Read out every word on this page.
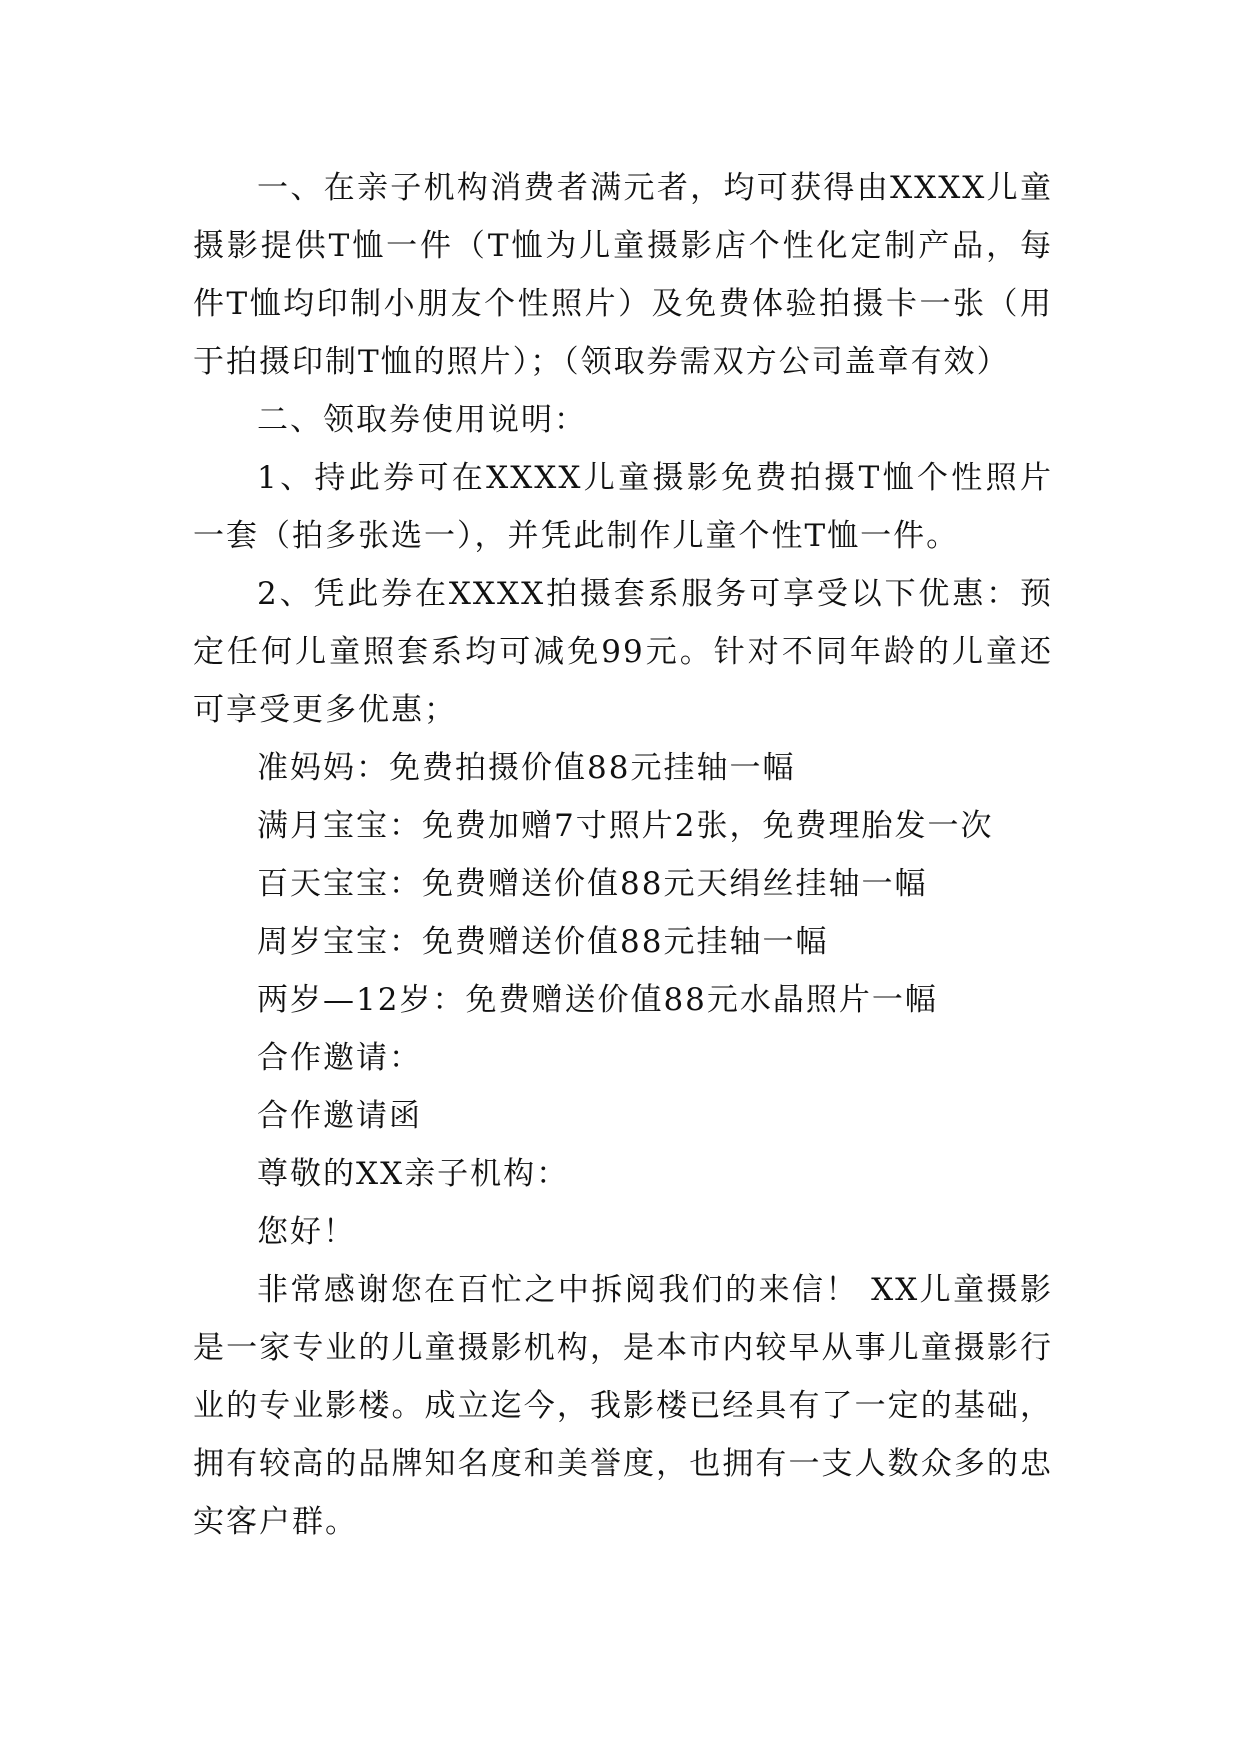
一、在亲子机构消费者满元者，均可获得由XXXX儿童摄影提供T恤一件（T恤为儿童摄影店个性化定制产品，每件T恤均印制小朋友个性照片）及免费体验拍摄卡一张（用于拍摄印制T恤的照片）；（领取券需双方公司盖章有效）

二、领取券使用说明：

1、持此券可在XXXX儿童摄影免费拍摄T恤个性照片一套（拍多张选一），并凭此制作儿童个性T恤一件。

2、凭此券在XXXX拍摄套系服务可享受以下优惠：预定任何儿童照套系均可减免99元。针对不同年龄的儿童还可享受更多优惠；

准妈妈：免费拍摄价值88元挂轴一幅

满月宝宝：免费加赠7寸照片2张，免费理胎发一次

百天宝宝：免费赠送价值88元天绢丝挂轴一幅

周岁宝宝：免费赠送价值88元挂轴一幅

两岁—12岁：免费赠送价值88元水晶照片一幅

合作邀请：

合作邀请函

尊敬的XX亲子机构：

您好！

非常感谢您在百忙之中拆阅我们的来信！ XX儿童摄影是一家专业的儿童摄影机构，是本市内较早从事儿童摄影行业的专业影楼。成立迄今，我影楼已经具有了一定的基础，拥有较高的品牌知名度和美誉度，也拥有一支人数众多的忠实客户群。
